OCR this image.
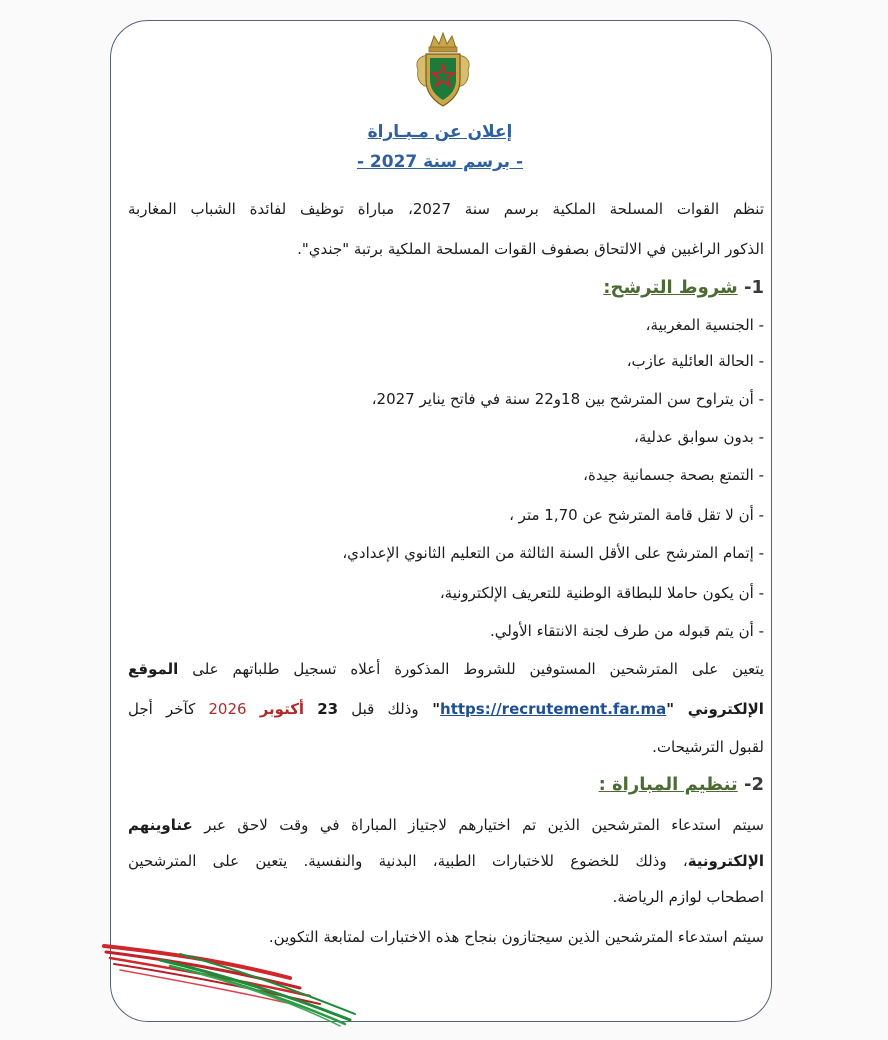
إعلان عن مـبـاراة
- برسم سنة 2027 -
تنظم القوات المسلحة الملكية برسم سنة 2027، مباراة توظيف لفائدة الشباب المغاربة
الذكور الراغبين في الالتحاق بصفوف القوات المسلحة الملكية برتبة "جندي".
1- شروط الترشح:
- الجنسية المغربية،
- الحالة العائلية عازب،
- أن يتراوح سن المترشح بين 18و22 سنة في فاتح يناير 2027،
- بدون سوابق عدلية،
- التمتع بصحة جسمانية جيدة،
- أن لا تقل قامة المترشح عن 1,70 متر ،
- إتمام المترشح على الأقل السنة الثالثة من التعليم الثانوي الإعدادي،
- أن يكون حاملا للبطاقة الوطنية للتعريف الإلكترونية،
- أن يتم قبوله من طرف لجنة الانتقاء الأولي.
يتعين على المترشحين المستوفين للشروط المذكورة أعلاه تسجيل طلباتهم على الموقع
الإلكتروني "https://recrutement.far.ma" وذلك قبل 23 أكتوبر 2026 كآخر أجل
لقبول الترشيحات.
2- تنظيم المباراة :
سيتم استدعاء المترشحين الذين تم اختيارهم لاجتياز المباراة في وقت لاحق عبر عناوينهم
الإلكترونية، وذلك للخضوع للاختبارات الطبية، البدنية والنفسية. يتعين على المترشحين
اصطحاب لوازم الرياضة.
سيتم استدعاء المترشحين الذين سيجتازون بنجاح هذه الاختبارات لمتابعة التكوين.
